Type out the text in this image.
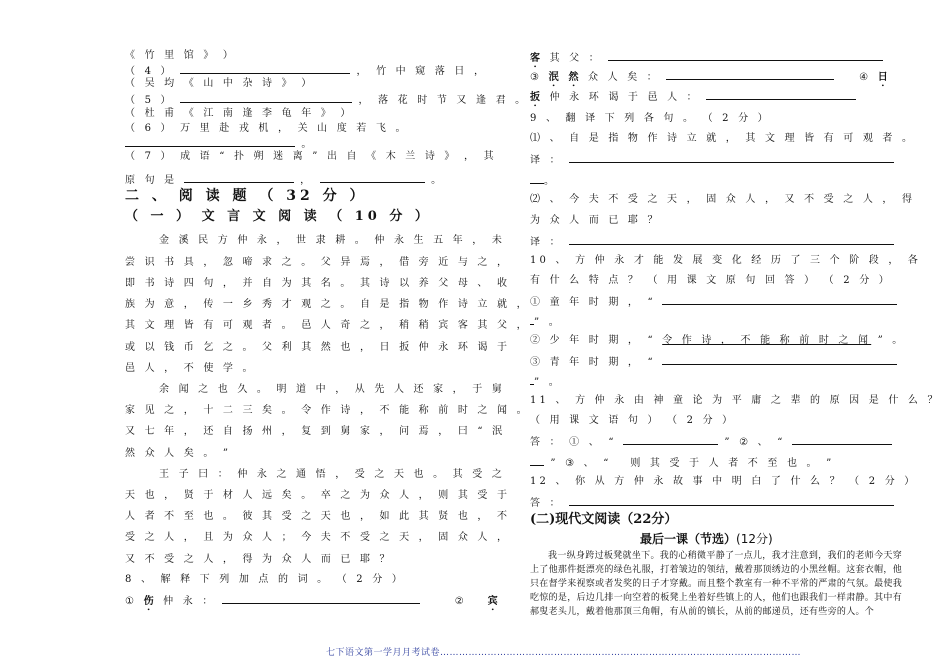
《 竹 里 馆 》 ）
（ 4 ）	， 竹 中 窥 落 日 ，
（ 吴 均 《 山 中 杂 诗 》 ）
（ 5 ）	， 落 花 时 节 又 逢 君 。
（ 杜 甫 《 江 南 逢 李 龟 年 》 ）
（ 6 ） 万 里 赴 戎 机 ， 关 山 度 若 飞 。
。
（ 7 ） 成 语 “ 扑 朔 迷 离 ” 出 自 《 木 兰 诗 》 ， 其
原 句 是	，	。
二 、 阅 读 题 （ 32 分 ）
（ 一 ） 文 言 文 阅 读 （ 10 分 ）
金 溪 民 方 仲 永 ， 世 隶 耕 。 仲 永 生 五 年 ， 未
尝 识 书 具 ， 忽 啼 求 之 。 父 异 焉 ， 借 旁 近 与 之 ，
即 书 诗 四 句 ， 并 自 为 其 名 。 其 诗 以 养 父 母 、 收
族 为 意 ， 传 一 乡 秀 才 观 之 。 自 是 指 物 作 诗 立 就 ，
其 文 理 皆 有 可 观 者 。 邑 人 奇 之 ， 稍 稍 宾 客 其 父 ，
或 以 钱 币 乞 之 。 父 利 其 然 也 ， 日 扳 仲 永 环 谒 于
邑 人 ， 不 使 学 。
余 闻 之 也 久 。 明 道 中 ， 从 先 人 还 家 ， 于 舅
家 见 之 ， 十 二 三 矣 。 令 作 诗 ， 不 能 称 前 时 之 闻 。
又 七 年 ， 还 自 扬 州 ， 复 到 舅 家 ， 问 焉 ， 曰 “ 泯
然 众 人 矣 。 ”
王 子 曰 ： 仲 永 之 通 悟 ， 受 之 天 也 。 其 受 之
天 也 ， 贤 于 材 人 远 矣 。 卒 之 为 众 人 ， 则 其 受 于
人 者 不 至 也 。 彼 其 受 之 天 也 ， 如 此 其 贤 也 ， 不
受 之 人 ， 且 为 众 人 ； 今 夫 不 受 之 天 ， 固 众 人 ，
又 不 受 之 人 ， 得 为 众 人 而 已 耶 ？
8 、 解 释 下 列 加 点 的 词 。 （ 2 分 ）
① 伤 仲 永 ：	② 宾
客 其 父 ：
③ 泯 然 众 人 矣 ：	④ 日
扳 仲 永 环 谒 于 邑 人 ：
9 、 翻 译 下 列 各 句 。 （ 2 分 ）
⑴ 、 自 是 指 物 作 诗 立 就 ， 其 文 理 皆 有 可 观 者 。
译 ：
。
⑵ 、 今 夫 不 受 之 天 ， 固 众 人 ， 又 不 受 之 人 ， 得
为 众 人 而 已 耶 ？
译 ：
10 、 方 仲 永 才 能 发 展 变 化 经 历 了 三 个 阶 段 ， 各
有 什 么 特 点 ？ （ 用 课 文 原 句 回 答 ） （ 2 分 ）
① 童 年 时 期 ， “
” 。
② 少 年 时 期 ， “ 令 作 诗 ， 不 能 称 前 时 之 闻 ” 。
③ 青 年 时 期 ， “
” 。
11 、 方 仲 永 由 神 童 论 为 平 庸 之 辈 的 原 因 是 什 么 ？
（ 用 课 文 语 句 ） （ 2 分 ）
答 ： ① 、 “	” ② 、 “
” ③ 、 “ 则 其 受 于 人 者 不 至 也 。 ”
12 、 你 从 方 仲 永 故 事 中 明 白 了 什 么 ？ （ 2 分 ）
答 ：
(二)现代文阅读（22分）
最后一课（节选）(12分)
我一纵身跨过板凳就坐下。我的心稍微平静了一点儿，我才注意到，我们的老师今天穿上了他那件挺漂亮的绿色礼服，打着皱边的领结，戴着那顶绣边的小黑丝帽。这套衣帽，他只在督学来视察或者发奖的日子才穿戴。而且整个教室有一种不平常的严肃的气氛。最使我吃惊的是，后边几排一向空着的板凳上坐着好些镇上的人，他们也跟我们一样肃静。其中有郝叟老头儿，戴着他那顶三角帽，有从前的镇长，从前的邮递员，还有些旁的人。个
七下语文第一学月月考试卷……………………………………………………………………………………………………
